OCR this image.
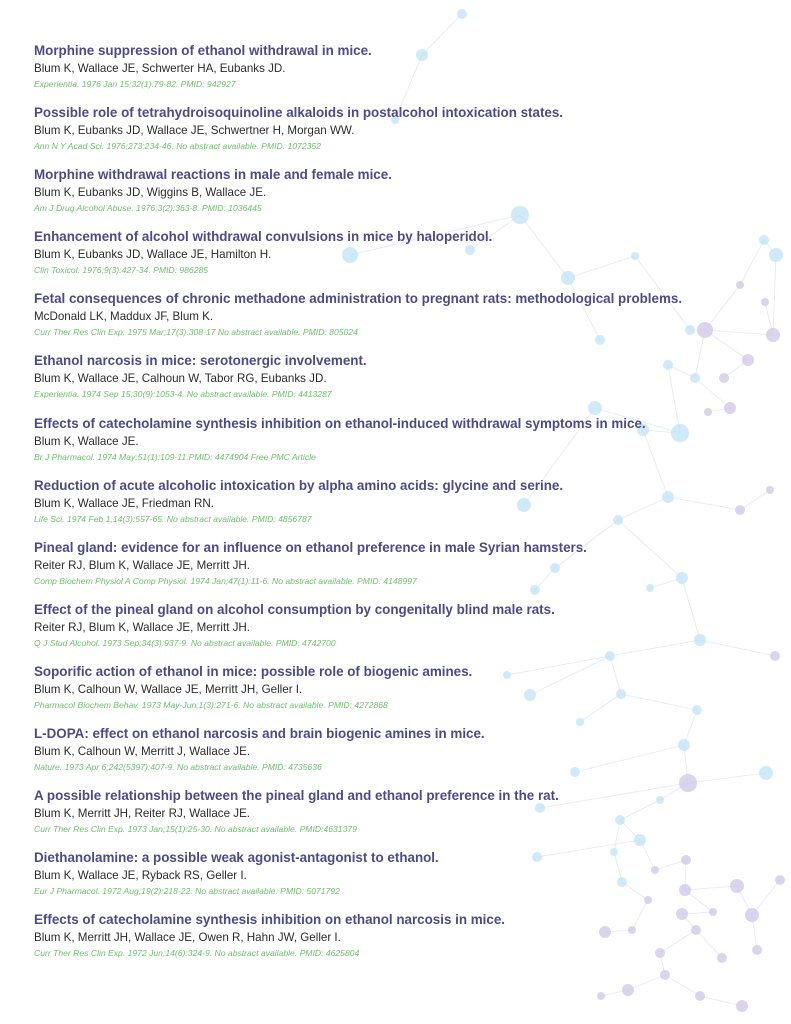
Morphine suppression of ethanol withdrawal in mice.
Blum K, Wallace JE, Schwerter HA, Eubanks JD.
Experientia. 1976 Jan 15;32(1):79-82. PMID: 942927
Possible role of tetrahydroisoquinoline alkaloids in postalcohol intoxication states.
Blum K, Eubanks JD, Wallace JE, Schwertner H, Morgan WW.
Ann N Y Acad Sci. 1976;273:234-46. No abstract available. PMID: 1072352
Morphine withdrawal reactions in male and female mice.
Blum K, Eubanks JD, Wiggins B, Wallace JE.
Am J Drug Alcohol Abuse. 1976;3(2):363-8. PMID: 1036445
Enhancement of alcohol withdrawal convulsions in mice by haloperidol.
Blum K, Eubanks JD, Wallace JE, Hamilton H.
Clin Toxicol. 1976;9(3):427-34. PMID: 986285
Fetal consequences of chronic methadone administration to pregnant rats: methodological problems.
McDonald LK, Maddux JF, Blum K.
Curr Ther Res Clin Exp. 1975 Mar;17(3):308-17 No abstract available. PMID: 805024
Ethanol narcosis in mice: serotonergic involvement.
Blum K, Wallace JE, Calhoun W, Tabor RG, Eubanks JD.
Experientia. 1974 Sep 15;30(9):1053-4. No abstract available. PMID: 4413287
Effects of catecholamine synthesis inhibition on ethanol-induced withdrawal symptoms in mice.
Blum K, Wallace JE.
Br J Pharmacol. 1974 May;51(1):109-11.PMID: 4474904 Free PMC Article
Reduction of acute alcoholic intoxication by alpha amino acids: glycine and serine.
Blum K, Wallace JE, Friedman RN.
Life Sci. 1974 Feb 1;14(3):557-65. No abstract available. PMID: 4856787
Pineal gland: evidence for an influence on ethanol preference in male Syrian hamsters.
Reiter RJ, Blum K, Wallace JE, Merritt JH.
Comp Biochem Physiol A Comp Physiol. 1974 Jan;47(1):11-6. No abstract available. PMID: 4148997
Effect of the pineal gland on alcohol consumption by congenitally blind male rats.
Reiter RJ, Blum K, Wallace JE, Merritt JH.
Q J Stud Alcohol. 1973 Sep;34(3):937-9. No abstract available. PMID: 4742700
Soporific action of ethanol in mice: possible role of biogenic amines.
Blum K, Calhoun W, Wallace JE, Merritt JH, Geller I.
Pharmacol Biochem Behav. 1973 May-Jun;1(3):271-6. No abstract available. PMID: 4272868
L-DOPA: effect on ethanol narcosis and brain biogenic amines in mice.
Blum K, Calhoun W, Merritt J, Wallace JE.
Nature. 1973 Apr 6;242(5397):407-9. No abstract available. PMID: 4735636
A possible relationship between the pineal gland and ethanol preference in the rat.
Blum K, Merritt JH, Reiter RJ, Wallace JE.
Curr Ther Res Clin Exp. 1973 Jan;15(1):25-30. No abstract available. PMID:4631379
Diethanolamine: a possible weak agonist-antagonist to ethanol.
Blum K, Wallace JE, Ryback RS, Geller I.
Eur J Pharmacol. 1972 Aug;19(2):218-22. No abstract available. PMID: 5071792
Effects of catecholamine synthesis inhibition on ethanol narcosis in mice.
Blum K, Merritt JH, Wallace JE, Owen R, Hahn JW, Geller I.
Curr Ther Res Clin Exp. 1972 Jun;14(6):324-9. No abstract available. PMID: 4625804
